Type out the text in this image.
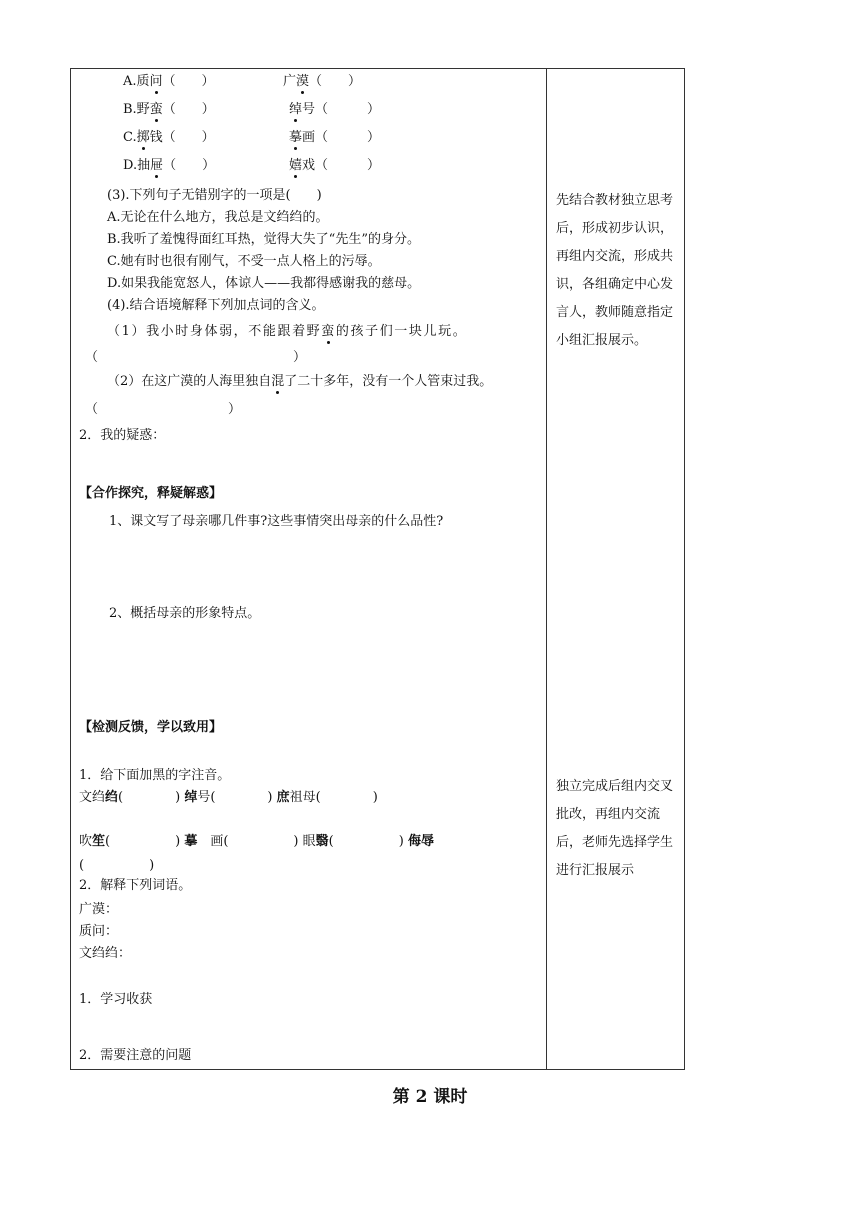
A.质问（　　）	广漠（　　）
B.野蛮（　　）	绰号（　　　）
C.掷钱（　　）	摹画（　　　）
D.抽屉（　　）	嬉戏（　　　）
(3).下列句子无错别字的一项是(　　)
A.无论在什么地方，我总是文绉绉的。
B.我听了羞愧得面红耳热，觉得大失了“先生”的身分。
C.她有时也很有刚气，不受一点人格上的污辱。
D.如果我能宽怒人，体谅人——我都得感谢我的慈母。
(4).结合语境解释下列加点词的含义。
（1）我小时身体弱，不能跟着野蛮的孩子们一块儿玩。
（　　　　　　　　　　　　　　　）
（2）在这广漠的人海里独自混了二十多年，没有一个人管束过我。
（　　　　　　　　　　）
2．我的疑惑：
【合作探究，释疑解惑】
1、课文写了母亲哪几件事?这些事情突出母亲的什么品性?
2、概括母亲的形象特点。
【检测反馈，学以致用】
1．给下面加黑的字注音。
文绉绉(　　　　) 绰号(　　　　) 庶祖母(　　　　)
吹笙(　　　　　) 摹　画(　　　　　) 眼翳(　　　　　) 侮辱
(　　　　　)
2．解释下列词语。
广漠：
质问：
文绉绉：
1．学习收获
2．需要注意的问题
先结合教材独立思考后，形成初步认识，再组内交流，形成共识，各组确定中心发言人，教师随意指定小组汇报展示。
独立完成后组内交叉批改，再组内交流后，老师先选择学生进行汇报展示
第 2 课时
